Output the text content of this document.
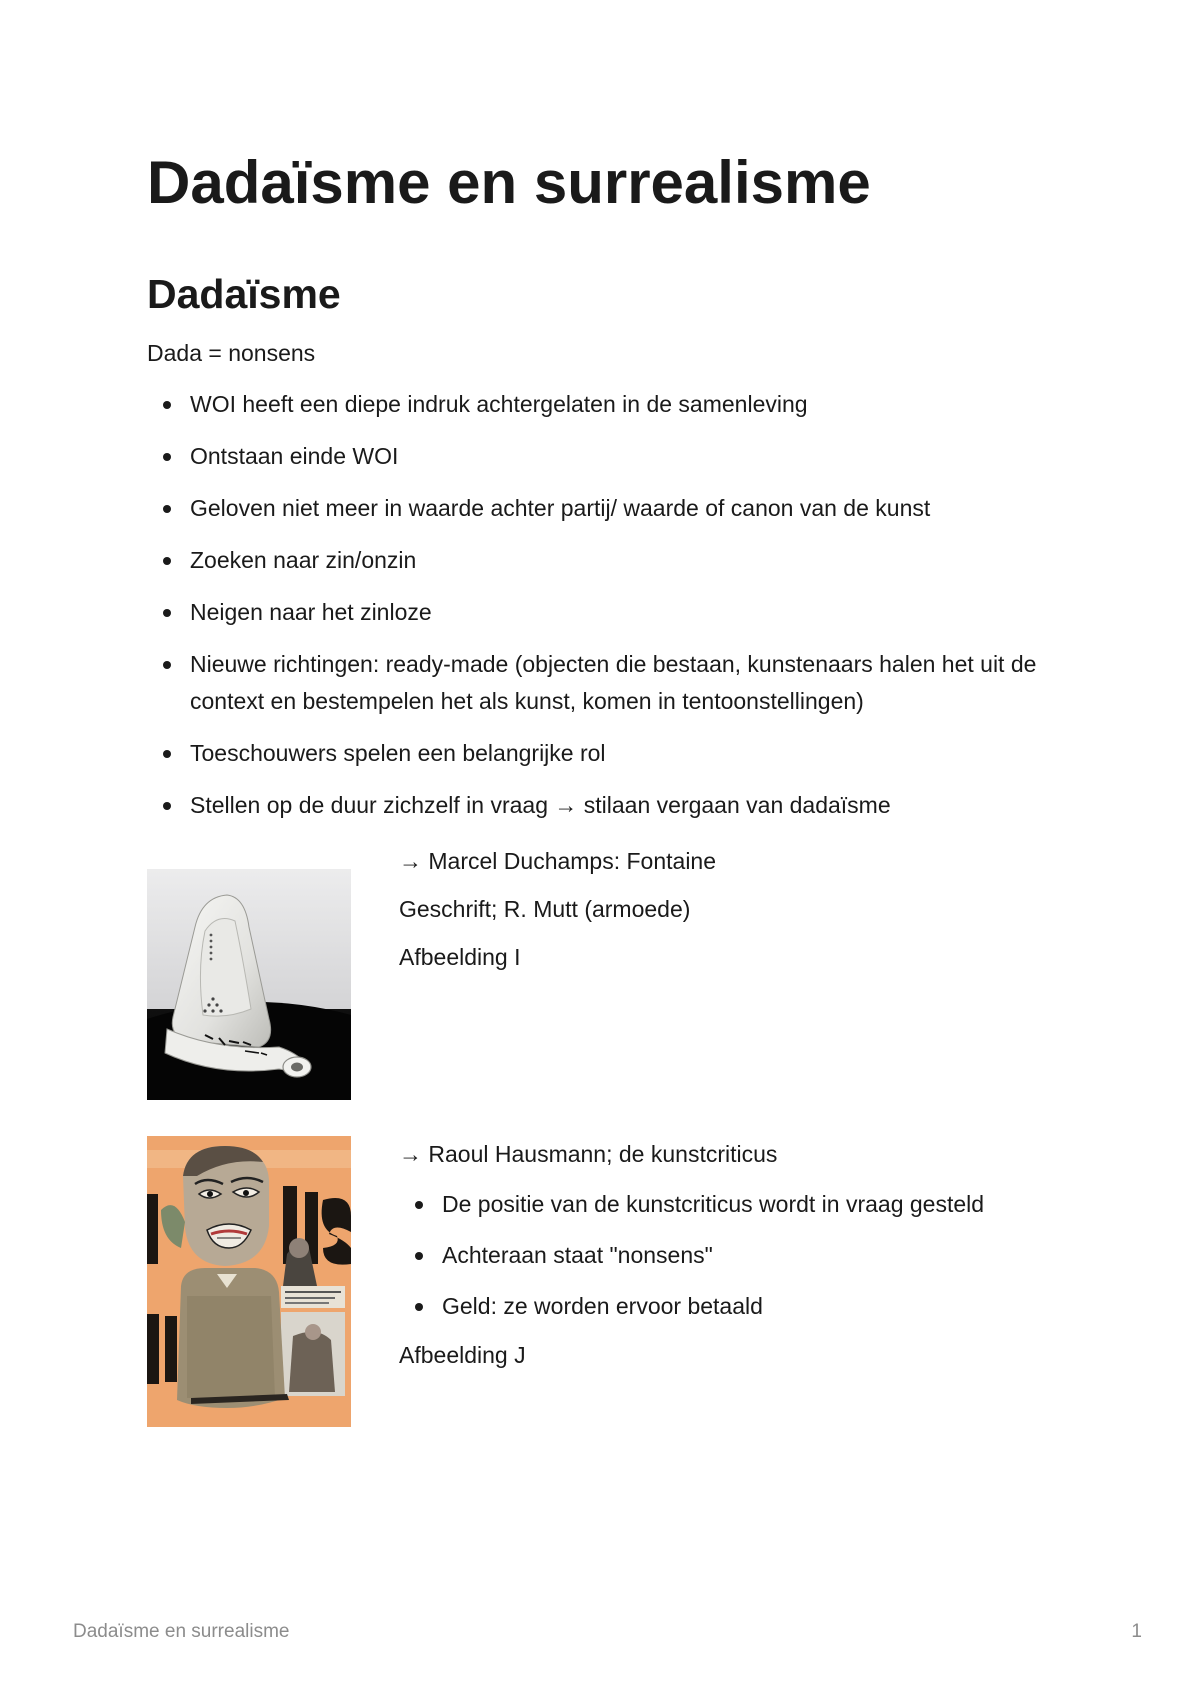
Dadaïsme en surrealisme
Dadaïsme

Dada = nonsens

WOI heeft een diepe indruk achtergelaten in de samenleving
Ontstaan einde WOI
Geloven niet meer in waarde achter partij/ waarde of canon van de kunst
Zoeken naar zin/onzin
Neigen naar het zinloze
Nieuwe richtingen: ready-made (objecten die bestaan, kunstenaars halen het uit de context en bestempelen het als kunst, komen in tentoonstellingen)
Toeschouwers spelen een belangrijke rol
Stellen op de duur zichzelf in vraag → stilaan vergaan van dadaïsme

→ Marcel Duchamps: Fontaine

Geschrift; R. Mutt (armoede)

Afbeelding I

→ Raoul Hausmann; de kunstcriticus

De positie van de kunstcriticus wordt in vraag gesteld
Achteraan staat "nonsens"
Geld: ze worden ervoor betaald

Afbeelding J

Dadaïsme en surrealisme	1
